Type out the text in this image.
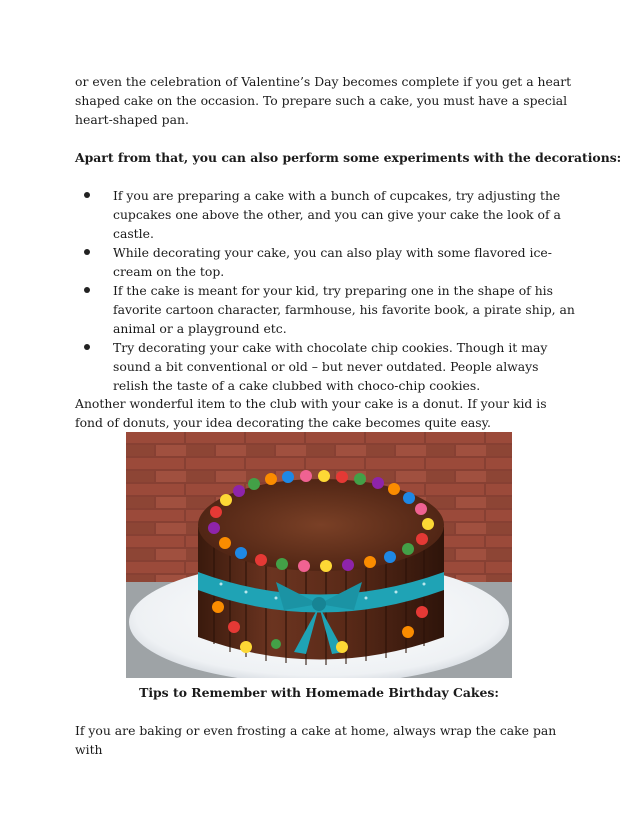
or even the celebration of Valentine’s Day becomes complete if you get a heart shaped cake on the occasion. To prepare such a cake, you must have a special heart-shaped pan.

Apart from that, you can also perform some experiments with the decorations:

If you are preparing a cake with a bunch of cupcakes, try adjusting the cupcakes one above the other, and you can give your cake the look of a castle.
While decorating your cake, you can also play with some flavored ice-cream on the top.
If the cake is meant for your kid, try preparing one in the shape of his favorite cartoon character, farmhouse, his favorite book, a pirate ship, an animal or a playground etc.
Try decorating your cake with chocolate chip cookies. Though it may sound a bit conventional or old – but never outdated. People always relish the taste of a cake clubbed with choco-chip cookies.

Another wonderful item to the club with your cake is a donut. If your kid is fond of donuts, your idea decorating the cake becomes quite easy.

Tips to Remember with Homemade Birthday Cakes:

If you are baking or even frosting a cake at home, always wrap the cake pan with
